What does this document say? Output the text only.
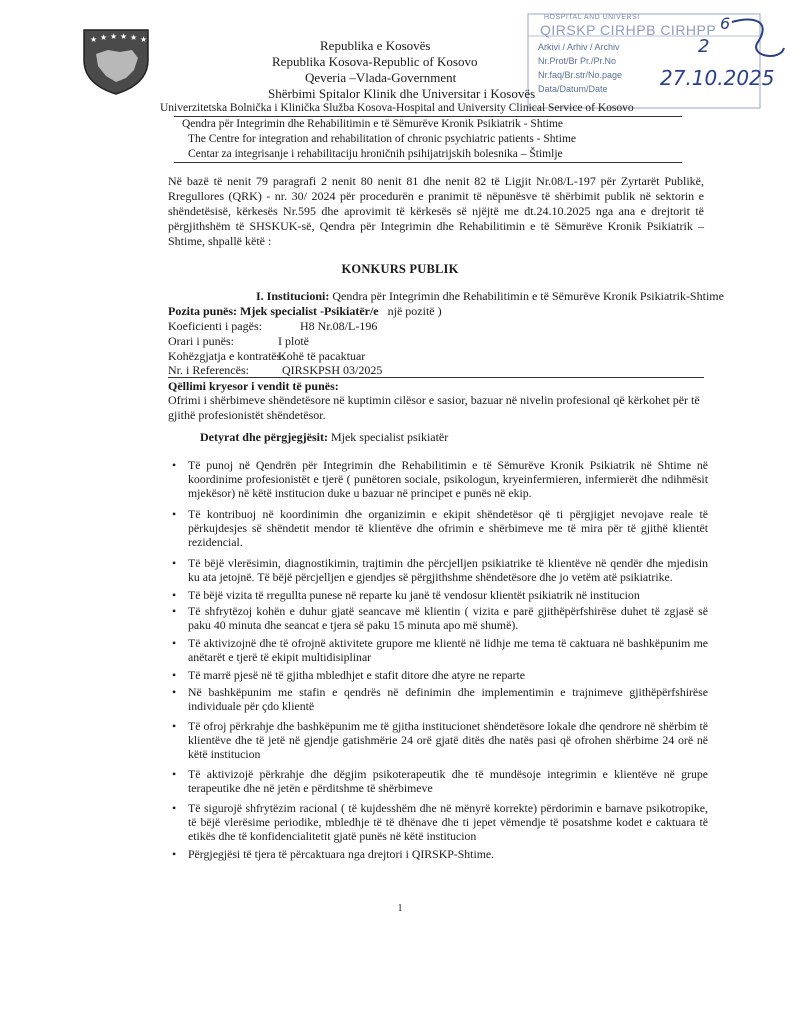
★ ★ ★ ★ ★ ★
HOSPITAL AND UNIVERSI
QIRSKP CIRHPB CIRHPP
Arkivi / Arhiv / Archiv
Nr.Prot/Br Pr./Pr.No
Nr.faq/Br.str/No.page
Data/Datum/Date
2
27.10.2025
6
Republika e Kosovës
Republika Kosova-Republic of Kosovo
Qeveria –Vlada-Government
Shërbimi Spitalor Klinik dhe Universitar i Kosovës
Univerzitetska Bolnička i Klinička Služba Kosova-Hospital and University Clinical Service of Kosovo
Qendra për Integrimin dhe Rehabilitimin e të Sëmurëve Kronik Psikiatrik - Shtime
The Centre for integration and rehabilitation of chronic psychiatric patients - Shtime
Centar za integrisanje i rehabilitaciju hroničnih psihijatrijskih bolesnika – Štimlje
Në bazë të nenit 79 paragrafi 2 nenit 80 nenit 81 dhe nenit 82 të Ligjit Nr.08/L-197 për Zyrtarët Publikë, Rregullores (QRK) - nr. 30/ 2024 për procedurën e pranimit të nëpunësve të shërbimit publik në sektorin e shëndetësisë, kërkesës Nr.595 dhe aprovimit të kërkesës së njëjtë me dt.24.10.2025 nga ana e drejtorit të përgjithshëm të SHSKUK-së, Qendra për Integrimin dhe Rehabilitimin e të Sëmurëve Kronik Psikiatrik – Shtime, shpallë këtë :
KONKURS PUBLIK
I. Institucioni: Qendra për Integrimin dhe Rehabilitimin e të Sëmurëve Kronik Psikiatrik-Shtime
Pozita punës: Mjek specialist -Psikiatër/e një pozitë )
Koeficienti i pagës:	H8 Nr.08/L-196
Orari i punës:	I plotë
Kohëzgjatja e kontratës:
Kohë të pacaktuar
Nr. i Referencës:	QIRSKPSH 03/2025
Qëllimi kryesor i vendit të punës:
Ofrimi i shërbimeve shëndetësore në kuptimin cilësor e sasior, bazuar në nivelin profesional që kërkohet për të gjithë profesionistët shëndetësor.
Detyrat dhe përgjegjësit: Mjek specialist psikiatër
• Të punoj në Qendrën për Integrimin dhe Rehabilitimin e të Sëmurëve Kronik Psikiatrik në Shtime në koordinime profesionistët e tjerë ( punëtoren sociale, psikologun, kryeinfermieren, infermierët dhe ndihmësit mjekësor) në këtë institucion duke u bazuar në principet e punës në ekip.
• Të kontribuoj në koordinimin dhe organizimin e ekipit shëndetësor që ti përgjigjet nevojave reale të përkujdesjes së shëndetit mendor të klientëve dhe ofrimin e shërbimeve me të mira për të gjithë klientët rezidencial.
• Të bëjë vlerësimin, diagnostikimin, trajtimin dhe përcjelljen psikiatrike të klientëve në qendër dhe mjedisin ku ata jetojnë. Të bëjë përcjelljen e gjendjes së përgjithshme shëndetësore dhe jo vetëm atë psikiatrike.
• Të bëjë vizita të rregullta punese në reparte ku janë të vendosur klientët psikiatrik në institucion
• Të shfrytëzoj kohën e duhur gjatë seancave më klientin ( vizita e parë gjithëpërfshirëse duhet të zgjasë së paku 40 minuta dhe seancat e tjera së paku 15 minuta apo më shumë).
• Të aktivizojnë dhe të ofrojnë aktivitete grupore me klientë në lidhje me tema të caktuara në bashkëpunim me anëtarët e tjerë të ekipit multidisiplinar
• Të marrë pjesë në të gjitha mbledhjet e stafit ditore dhe atyre ne reparte
• Në bashkëpunim me stafin e qendrës në definimin dhe implementimin e trajnimeve gjithëpërfshirëse individuale për çdo klientë
• Të ofroj përkrahje dhe bashkëpunim me të gjitha institucionet shëndetësore lokale dhe qendrore në shërbim të klientëve dhe të jetë në gjendje gatishmërie 24 orë gjatë ditës dhe natës pasi që ofrohen shërbime 24 orë në këtë institucion
• Të aktivizojë përkrahje dhe dëgjim psikoterapeutik dhe të mundësoje integrimin e klientëve në grupe terapeutike dhe në jetën e përditshme të shërbimeve
• Të sigurojë shfrytëzim racional ( të kujdesshëm dhe në mënyrë korrekte) përdorimin e barnave psikotropike, të bëjë vlerësime periodike, mbledhje të të dhënave dhe ti jepet vëmendje të posatshme kodet e caktuara të etikës dhe të konfidencialitetit gjatë punës në këtë institucion
• Përgjegjësi të tjera të përcaktuara nga drejtori i QIRSKP-Shtime.
1
